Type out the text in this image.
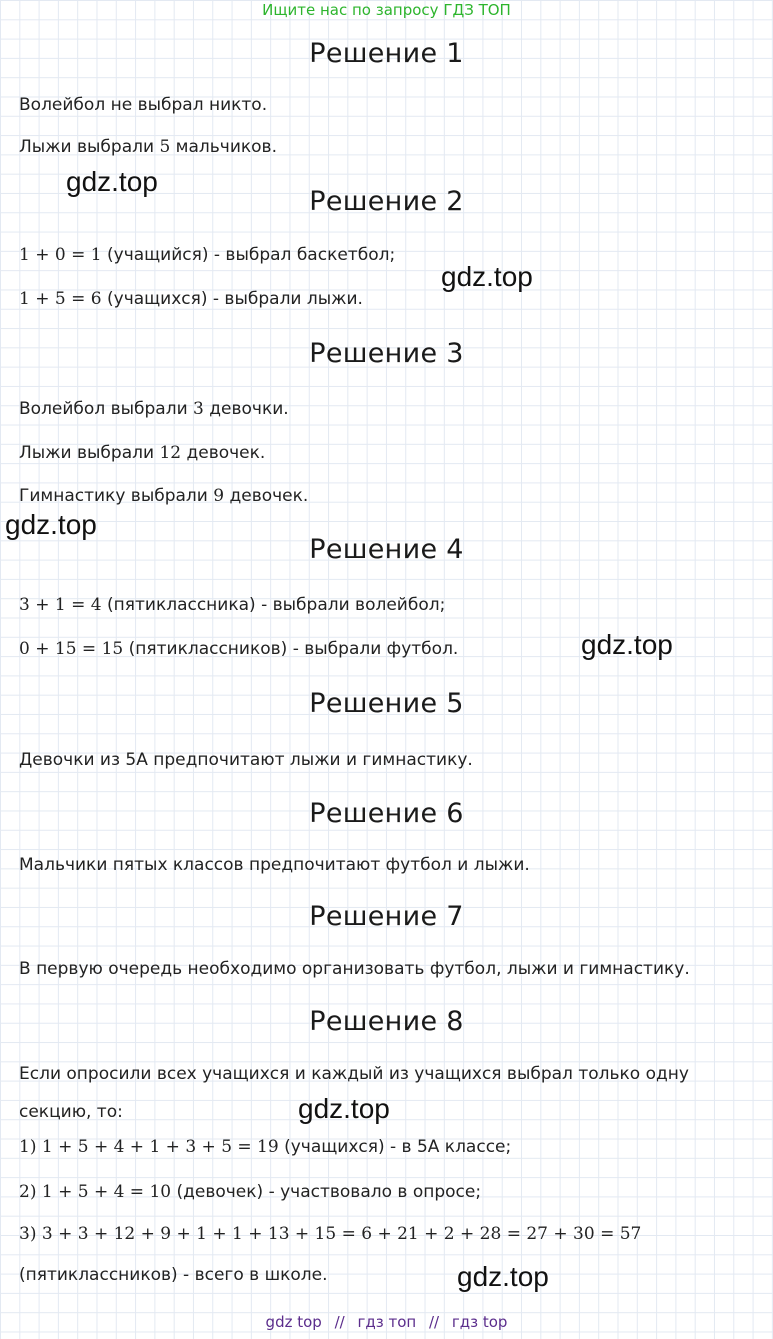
Ищите нас по запросу ГДЗ ТОП
Решение 1
Волейбол не выбрал никто.
Лыжи выбрали 5 мальчиков.
Решение 2
1 + 0 = 1 (учащийся) - выбрал баскетбол;
1 + 5 = 6 (учащихся) - выбрали лыжи.
Решение 3
Волейбол выбрали 3 девочки.
Лыжи выбрали 12 девочек.
Гимнастику выбрали 9 девочек.
Решение 4
3 + 1 = 4 (пятиклассника) - выбрали волейбол;
0 + 15 = 15 (пятиклассников) - выбрали футбол.
Решение 5
Девочки из 5А предпочитают лыжи и гимнастику.
Решение 6
Мальчики пятых классов предпочитают футбол и лыжи.
Решение 7
В первую очередь необходимо организовать футбол, лыжи и гимнастику.
Решение 8
Если опросили всех учащихся и каждый из учащихся выбрал только одну
секцию, то:
1) 1 + 5 + 4 + 1 + 3 + 5 = 19 (учащихся) - в 5А классе;
2) 1 + 5 + 4 = 10 (девочек) - участвовало в опросе;
3) 3 + 3 + 12 + 9 + 1 + 1 + 13 + 15 = 6 + 21 + 2 + 28 = 27 + 30 = 57
(пятиклассников) - всего в школе.
gdz.top
gdz.top
gdz.top
gdz.top
gdz.top
gdz.top
gdz top // гдз топ // гдз top
